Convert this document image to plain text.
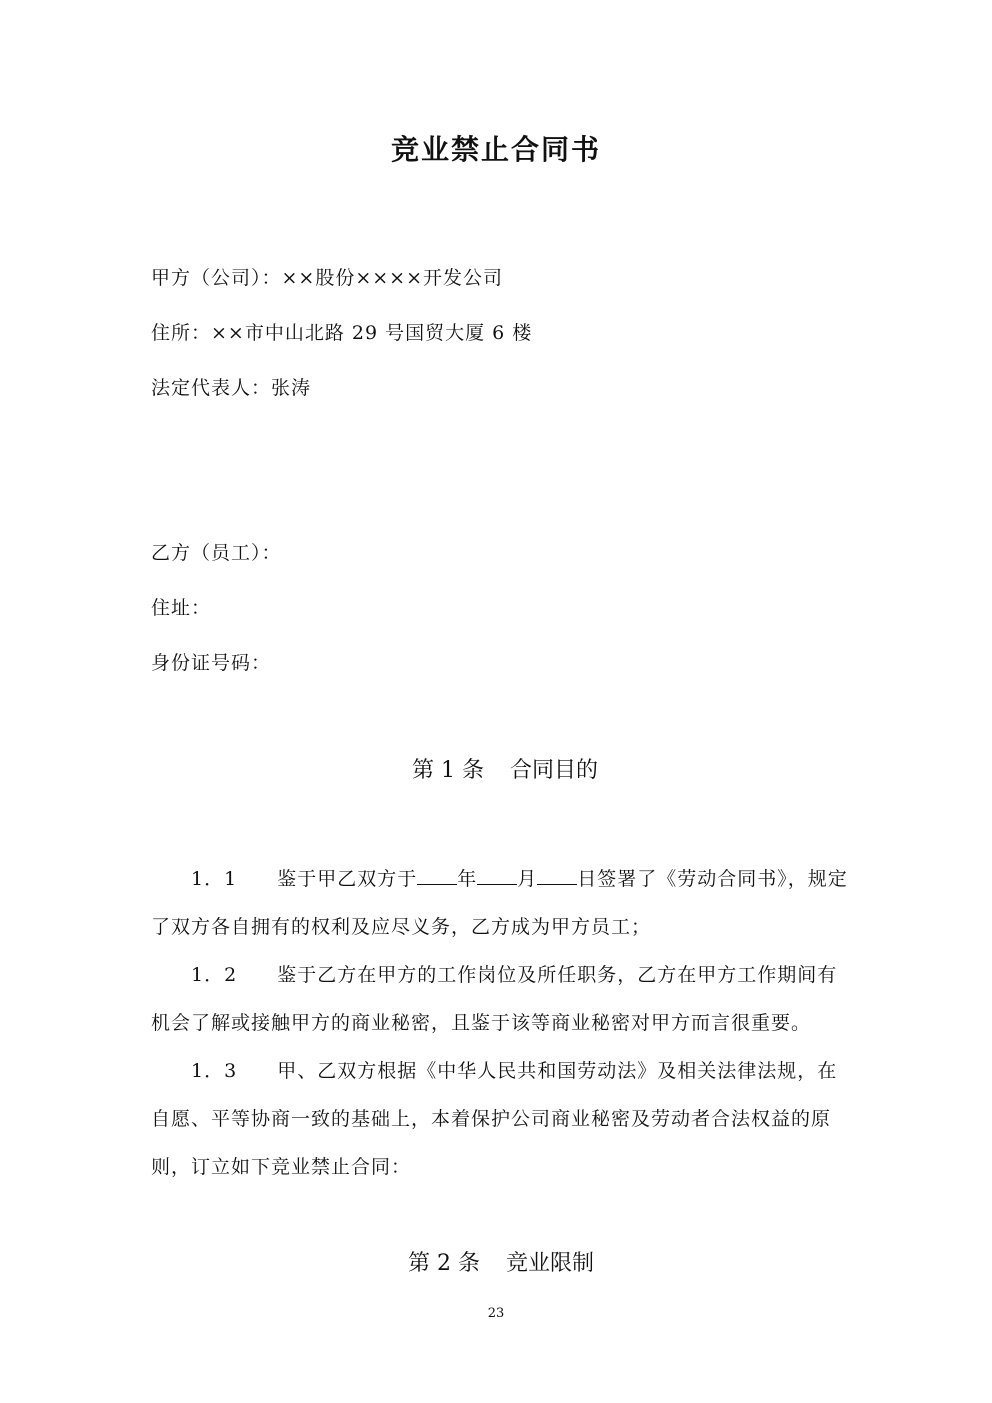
竞业禁止合同书
甲方（公司）：××股份××××开发公司
住所：××市中山北路 29 号国贸大厦 6 楼
法定代表人：张涛
乙方（员工）：
住址：
身份证号码：
第 1 条 合同目的
1．1 鉴于甲乙双方于 年 月 日签署了《劳动合同书》，规定了双方各自拥有的权利及应尽义务，乙方成为甲方员工；
1．2 鉴于乙方在甲方的工作岗位及所任职务，乙方在甲方工作期间有机会了解或接触甲方的商业秘密，且鉴于该等商业秘密对甲方而言很重要。
1．3 甲、乙双方根据《中华人民共和国劳动法》及相关法律法规，在自愿、平等协商一致的基础上，本着保护公司商业秘密及劳动者合法权益的原则，订立如下竞业禁止合同：
第 2 条 竞业限制
23
